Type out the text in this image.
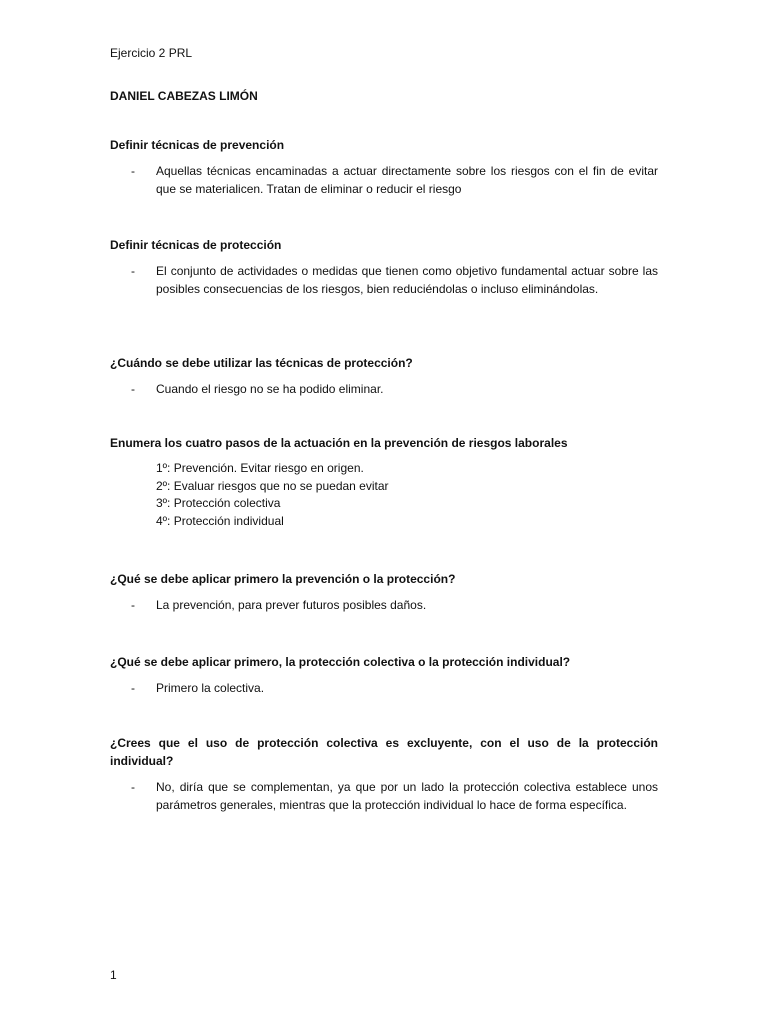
Ejercicio 2 PRL
DANIEL CABEZAS LIMÓN

Definir técnicas de prevención

- Aquellas técnicas encaminadas a actuar directamente sobre los riesgos con el fin de evitar que se materialicen. Tratan de eliminar o reducir el riesgo

Definir técnicas de protección

- El conjunto de actividades o medidas que tienen como objetivo fundamental actuar sobre las posibles consecuencias de los riesgos, bien reduciéndolas o incluso eliminándolas.

¿Cuándo se debe utilizar las técnicas de protección?

- Cuando el riesgo no se ha podido eliminar.

Enumera los cuatro pasos de la actuación en la prevención de riesgos laborales

1º: Prevención. Evitar riesgo en origen.
2º: Evaluar riesgos que no se puedan evitar
3º: Protección colectiva
4º: Protección individual

¿Qué se debe aplicar primero la prevención o la protección?

- La prevención, para prever futuros posibles daños.

¿Qué se debe aplicar primero, la protección colectiva o la protección individual?

- Primero la colectiva.

¿Crees que el uso de protección colectiva es excluyente, con el uso de la protección individual?

- No, diría que se complementan, ya que por un lado la protección colectiva establece unos parámetros generales, mientras que la protección individual lo hace de forma específica.
1
